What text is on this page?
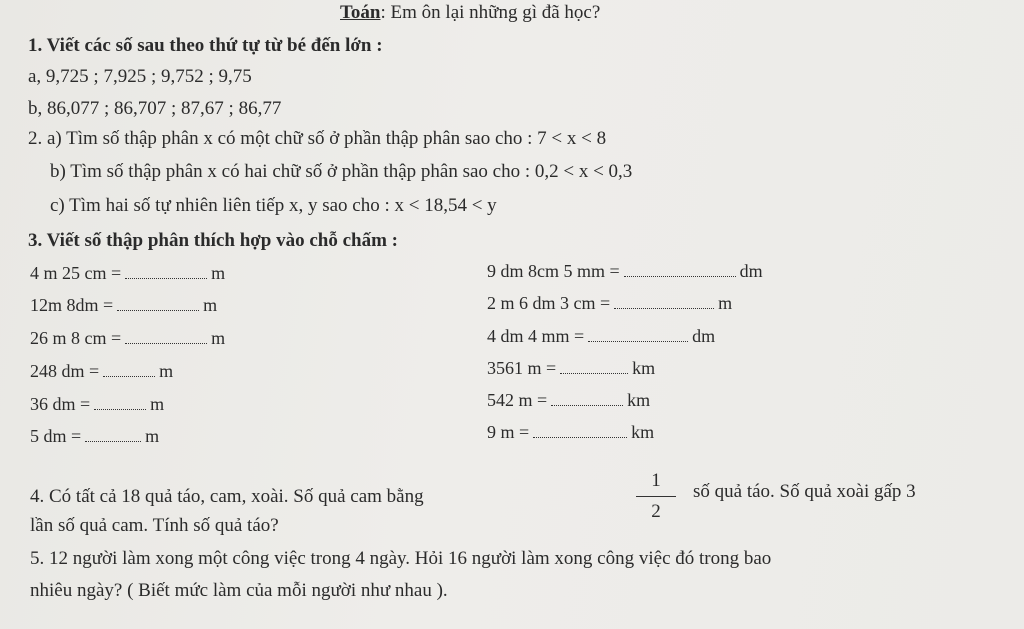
Toán: Em ôn lại những gì đã học?
1. Viết các số sau theo thứ tự từ bé đến lớn :
a, 9,725 ; 7,925 ; 9,752 ; 9,75
b, 86,077 ; 86,707 ; 87,67 ; 86,77
2. a) Tìm số thập phân x có một chữ số ở phần thập phân sao cho : 7 < x < 8
b) Tìm số thập phân x có hai chữ số ở phần thập phân sao cho : 0,2 < x < 0,3
c) Tìm hai số tự nhiên liên tiếp x, y sao cho : x < 18,54 < y
3. Viết số thập phân thích hợp vào chỗ chấm :
4 m 25 cm =	m
12m 8dm =	m
26 m 8 cm =	m
248 dm =	m
36 dm =	m
5 dm =	m
9 dm 8cm 5 mm =	dm
2 m 6 dm 3 cm =	m
4 dm 4 mm =	dm
3561 m =	km
542 m =	km
9 m =	km
4. Có tất cả 18 quả táo, cam, xoài. Số quả cam bằng
1
2
số quả táo. Số quả xoài gấp 3
lần số quả cam. Tính số quả táo?
5. 12 người làm xong một công việc trong 4 ngày. Hỏi 16 người làm xong công việc đó trong bao
nhiêu ngày? ( Biết mức làm của mỗi người như nhau ).
